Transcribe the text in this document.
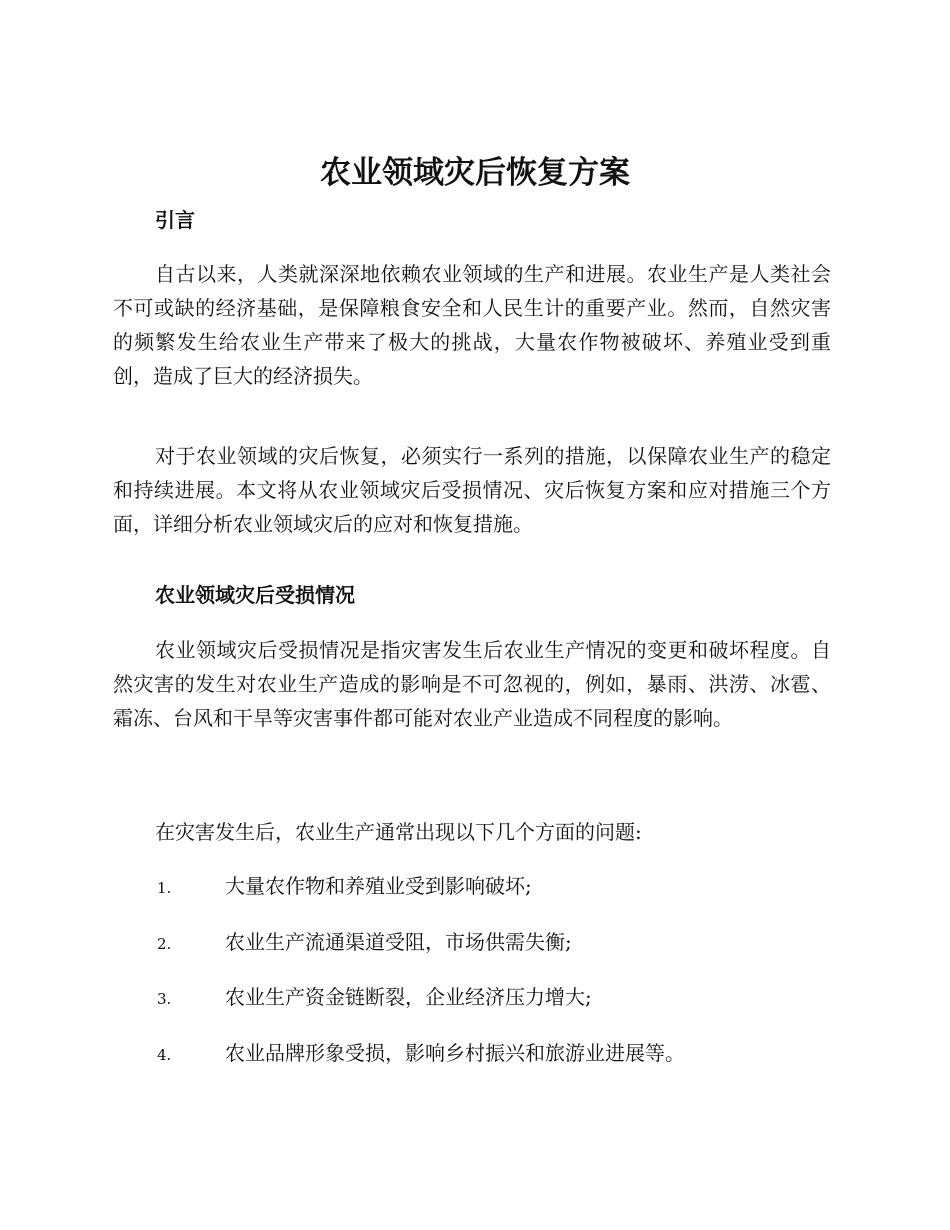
农业领域灾后恢复方案
引言

自古以来，人类就深深地依赖农业领域的生产和进展。农业生产是人类社会不可或缺的经济基础，是保障粮食安全和人民生计的重要产业。然而，自然灾害的频繁发生给农业生产带来了极大的挑战，大量农作物被破坏、养殖业受到重创，造成了巨大的经济损失。

对于农业领域的灾后恢复，必须实行一系列的措施，以保障农业生产的稳定和持续进展。本文将从农业领域灾后受损情况、灾后恢复方案和应对措施三个方面，详细分析农业领域灾后的应对和恢复措施。

农业领域灾后受损情况

农业领域灾后受损情况是指灾害发生后农业生产情况的变更和破坏程度。自然灾害的发生对农业生产造成的影响是不可忽视的，例如，暴雨、洪涝、冰雹、霜冻、台风和干旱等灾害事件都可能对农业产业造成不同程度的影响。

在灾害发生后，农业生产通常出现以下几个方面的问题:

1.	大量农作物和养殖业受到影响破坏;
2.	农业生产流通渠道受阻，市场供需失衡;
3.	农业生产资金链断裂，企业经济压力增大;
4.	农业品牌形象受损，影响乡村振兴和旅游业进展等。
